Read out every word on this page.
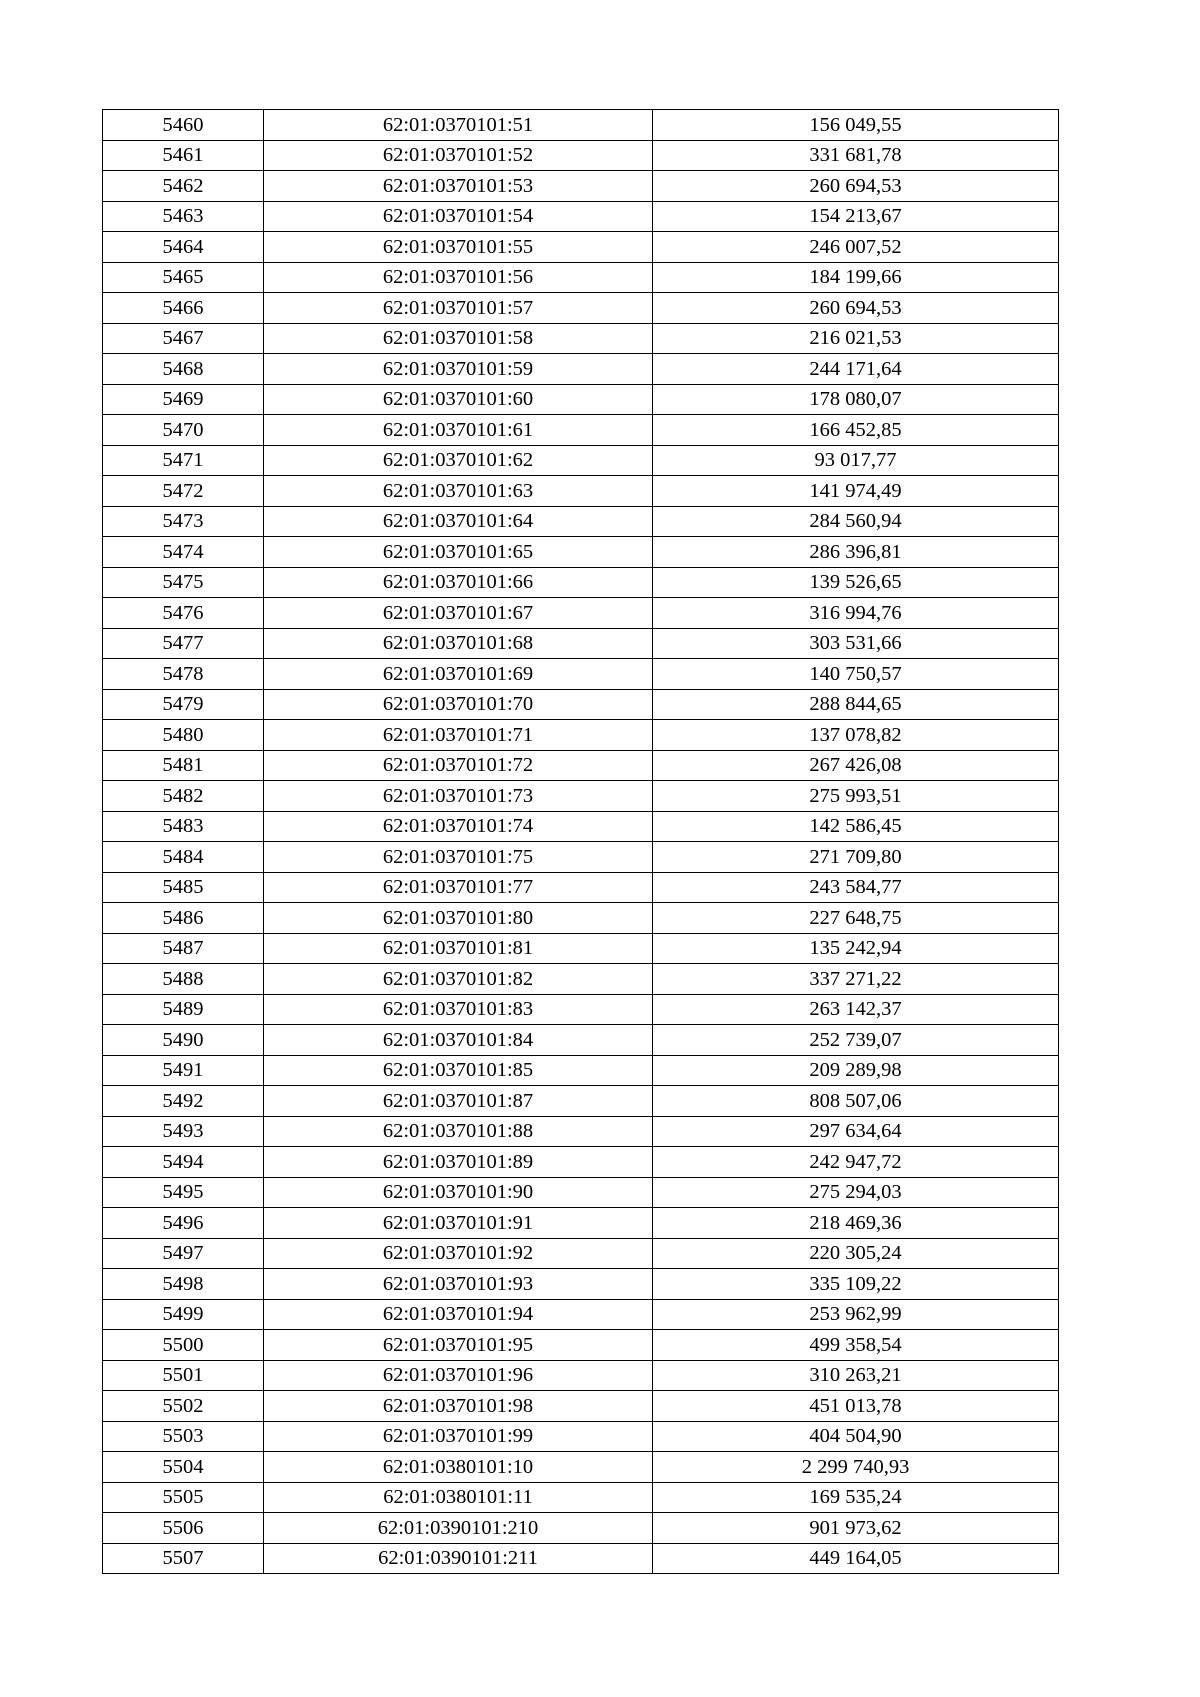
5460	62:01:0370101:51	156 049,55
5461	62:01:0370101:52	331 681,78
5462	62:01:0370101:53	260 694,53
5463	62:01:0370101:54	154 213,67
5464	62:01:0370101:55	246 007,52
5465	62:01:0370101:56	184 199,66
5466	62:01:0370101:57	260 694,53
5467	62:01:0370101:58	216 021,53
5468	62:01:0370101:59	244 171,64
5469	62:01:0370101:60	178 080,07
5470	62:01:0370101:61	166 452,85
5471	62:01:0370101:62	93 017,77
5472	62:01:0370101:63	141 974,49
5473	62:01:0370101:64	284 560,94
5474	62:01:0370101:65	286 396,81
5475	62:01:0370101:66	139 526,65
5476	62:01:0370101:67	316 994,76
5477	62:01:0370101:68	303 531,66
5478	62:01:0370101:69	140 750,57
5479	62:01:0370101:70	288 844,65
5480	62:01:0370101:71	137 078,82
5481	62:01:0370101:72	267 426,08
5482	62:01:0370101:73	275 993,51
5483	62:01:0370101:74	142 586,45
5484	62:01:0370101:75	271 709,80
5485	62:01:0370101:77	243 584,77
5486	62:01:0370101:80	227 648,75
5487	62:01:0370101:81	135 242,94
5488	62:01:0370101:82	337 271,22
5489	62:01:0370101:83	263 142,37
5490	62:01:0370101:84	252 739,07
5491	62:01:0370101:85	209 289,98
5492	62:01:0370101:87	808 507,06
5493	62:01:0370101:88	297 634,64
5494	62:01:0370101:89	242 947,72
5495	62:01:0370101:90	275 294,03
5496	62:01:0370101:91	218 469,36
5497	62:01:0370101:92	220 305,24
5498	62:01:0370101:93	335 109,22
5499	62:01:0370101:94	253 962,99
5500	62:01:0370101:95	499 358,54
5501	62:01:0370101:96	310 263,21
5502	62:01:0370101:98	451 013,78
5503	62:01:0370101:99	404 504,90
5504	62:01:0380101:10	2 299 740,93
5505	62:01:0380101:11	169 535,24
5506	62:01:0390101:210	901 973,62
5507	62:01:0390101:211	449 164,05
